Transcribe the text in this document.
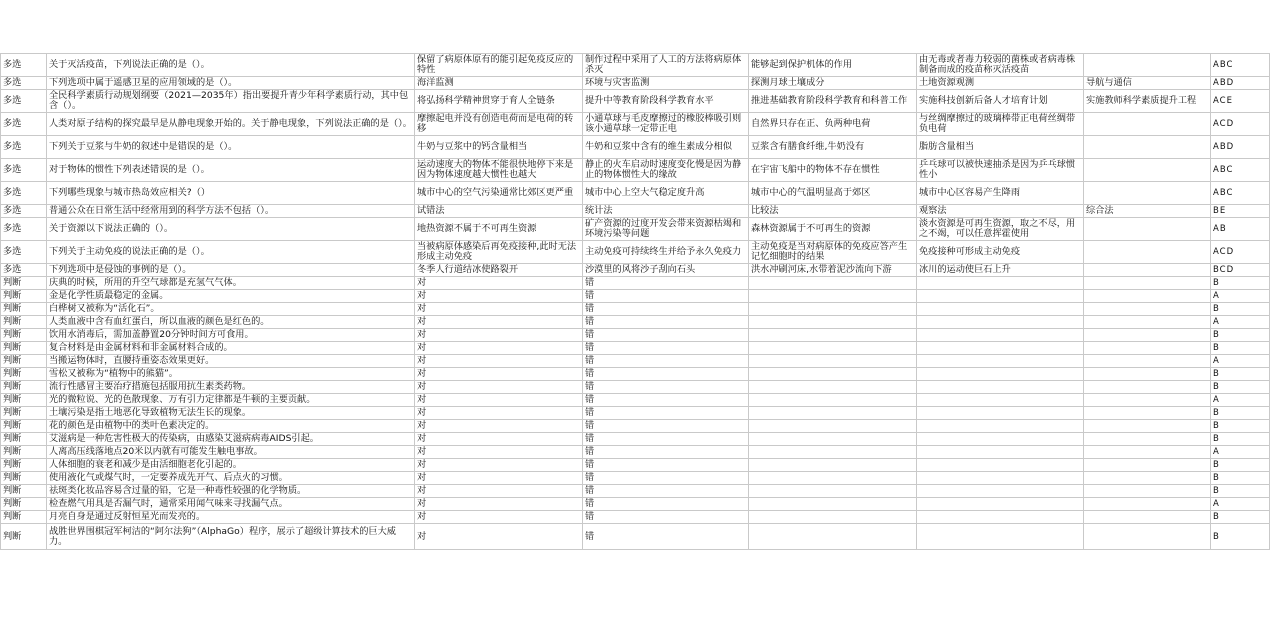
多选	关于灭活疫苗，下列说法正确的是（）。	保留了病原体原有的能引起免疫反应的特性	制作过程中采用了人工的方法将病原体杀灭	能够起到保护机体的作用	由无毒或者毒力较弱的菌株或者病毒株制备而成的疫苗称灭活疫苗		ABC
多选	下列选项中属于遥感卫星的应用领域的是（）。	海洋监测	环境与灾害监测	探测月球土壤成分	土地资源观测	导航与通信	ABD
多选	全民科学素质行动规划纲要（2021—2035年）指出要提升青少年科学素质行动，其中包含（）。	将弘扬科学精神贯穿于育人全链条	提升中等教育阶段科学教育水平	推进基础教育阶段科学教育和科普工作	实施科技创新后备人才培育计划	实施教师科学素质提升工程	ACE
多选	人类对原子结构的探究最早是从静电现象开始的。关于静电现象，下列说法正确的是（）。	摩擦起电并没有创造电荷而是电荷的转移	小通草球与毛皮摩擦过的橡胶棒吸引则该小通草球一定带正电	自然界只存在正、负两种电荷	与丝绸摩擦过的玻璃棒带正电荷丝绸带负电荷		ACD
多选	下列关于豆浆与牛奶的叙述中是错误的是（）。	牛奶与豆浆中的钙含量相当	牛奶和豆浆中含有的维生素成分相似	豆浆含有膳食纤维,牛奶没有	脂肪含量相当		ABD
多选	对于物体的惯性下列表述错误的是（）。	运动速度大的物体不能很快地停下来是因为物体速度越大惯性也越大	静止的火车启动时速度变化慢是因为静止的物体惯性大的缘故	在宇宙飞船中的物体不存在惯性	乒乓球可以被快速抽杀是因为乒乓球惯性小		ABC
多选	下列哪些现象与城市热岛效应相关?（）	城市中心的空气污染通常比郊区更严重	城市中心上空大气稳定度升高	城市中心的气温明显高于郊区	城市中心区容易产生降雨		ABC
多选	普通公众在日常生活中经常用到的科学方法不包括（）。	试错法	统计法	比较法	观察法	综合法	BE
多选	关于资源以下说法正确的（）。	地热资源不属于不可再生资源	矿产资源的过度开发会带来资源枯竭和环境污染等问题	森林资源属于不可再生的资源	淡水资源是可再生资源，取之不尽，用之不竭，可以任意挥霍使用		AB
多选	下列关于主动免疫的说法正确的是（）。	当被病原体感染后再免疫接种,此时无法形成主动免疫	主动免疫可持续终生并给予永久免疫力	主动免疫是当对病原体的免疫应答产生记忆细胞时的结果	免疫接种可形成主动免疫		ACD
多选	下列选项中是侵蚀的事例的是（）。	冬季人行道结冰使路裂开	沙漠里的风将沙子刮向石头	洪水冲刷河床,水带着泥沙流向下游	冰川的运动使巨石上升		BCD
判断	庆典的时候，所用的升空气球都是充氢气气体。	对	错				B
判断	金是化学性质最稳定的金属。	对	错				A
判断	白桦树又被称为“活化石”。	对	错				B
判断	人类血液中含有血红蛋白，所以血液的颜色是红色的。	对	错				A
判断	饮用水消毒后，需加盖静置20分钟时间方可食用。	对	错				B
判断	复合材料是由金属材料和非金属材料合成的。	对	错				B
判断	当搬运物体时，直腰持重姿态效果更好。	对	错				A
判断	雪松又被称为“植物中的熊猫”。	对	错				B
判断	流行性感冒主要治疗措施包括服用抗生素类药物。	对	错				B
判断	光的微粒说、光的色散现象、万有引力定律都是牛顿的主要贡献。	对	错				A
判断	土壤污染是指土地恶化导致植物无法生长的现象。	对	错				B
判断	花的颜色是由植物中的类叶色素决定的。	对	错				B
判断	艾滋病是一种危害性极大的传染病，由感染艾滋病病毒AIDS引起。	对	错				B
判断	人离高压线落地点20米以内就有可能发生触电事故。	对	错				A
判断	人体细胞的衰老和减少是由活细胞老化引起的。	对	错				B
判断	使用液化气或煤气时，一定要养成先开气、后点火的习惯。	对	错				B
判断	祛斑类化妆品容易含过量的铅，它是一种毒性较强的化学物质。	对	错				B
判断	检查燃气用具是否漏气时，通常采用闻气味来寻找漏气点。	对	错				A
判断	月亮自身是通过反射恒星光而发亮的。	对	错				B
判断	战胜世界围棋冠军柯洁的“阿尔法狗”（AlphaGo）程序，展示了超级计算技术的巨大威力。	对	错				B
